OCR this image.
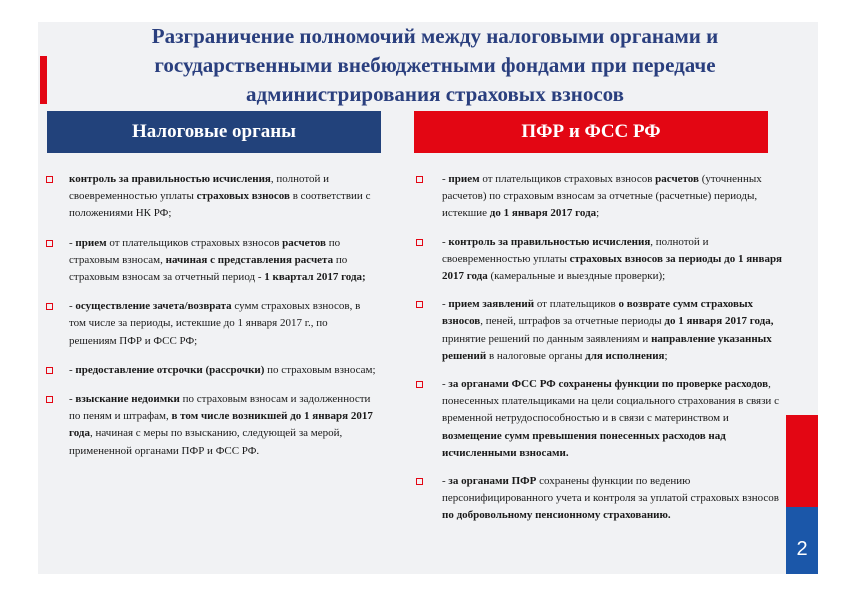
Разграничение полномочий между налоговыми органами и государственными внебюджетными фондами при передаче администрирования страховых взносов
Налоговые органы	ПФР и ФСС РФ
контроль за правильностью исчисления, полнотой и своевременностью уплаты страховых взносов в соответствии с положениями НК РФ;
- прием от плательщиков страховых взносов расчетов по страховым взносам, начиная с представления расчета по страховым взносам за отчетный период - 1 квартал 2017 года;
- осуществление зачета/возврата сумм страховых взносов, в том числе за периоды, истекшие до 1 января 2017 г., по решениям ПФР и ФСС РФ;
- предоставление отсрочки (рассрочки) по страховым взносам;
- взыскание недоимки по страховым взносам и задолженности по пеням и штрафам, в том числе возникшей до 1 января 2017 года, начиная с меры по взысканию, следующей за мерой, примененной органами ПФР и ФСС РФ.
- прием от плательщиков страховых взносов расчетов (уточненных расчетов) по страховым взносам за отчетные (расчетные) периоды, истекшие до 1 января 2017 года;
- контроль за правильностью исчисления, полнотой и своевременностью уплаты страховых взносов за периоды до 1 января 2017 года (камеральные и выездные проверки);
- прием заявлений от плательщиков о возврате сумм страховых взносов, пеней, штрафов за отчетные периоды до 1 января 2017 года, принятие решений по данным заявлениям и направление указанных решений в налоговые органы для исполнения;
- за органами ФСС РФ сохранены функции по проверке расходов, понесенных плательщиками на цели социального страхования в связи с временной нетрудоспособностью и в связи с материнством и возмещение сумм превышения понесенных расходов над исчисленными взносами.
- за органами ПФР сохранены функции по ведению персонифицированного учета и контроля за уплатой страховых взносов по добровольному пенсионному страхованию.
2
